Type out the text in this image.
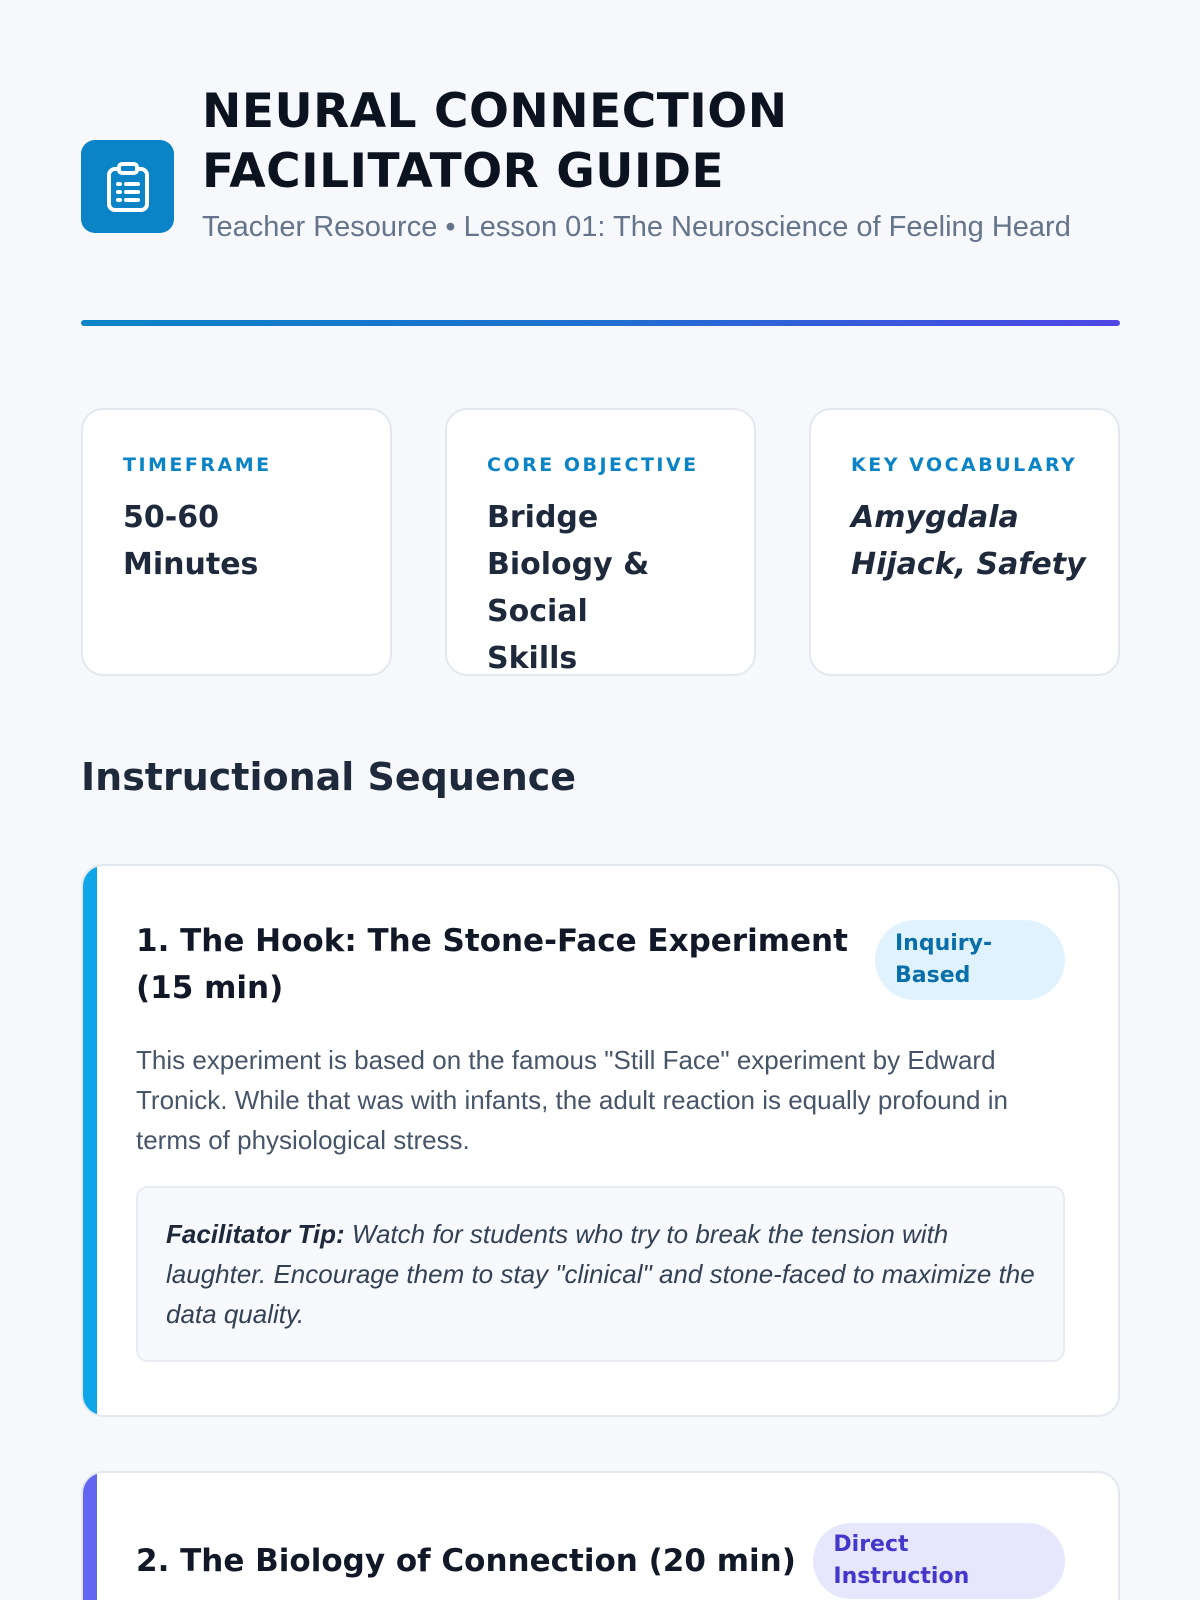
NEURAL CONNECTION
FACILITATOR GUIDE
Teacher Resource • Lesson 01: The Neuroscience of Feeling Heard
TIMEFRAME
50-60 Minutes
CORE OBJECTIVE
Bridge Biology & Social Skills
KEY VOCABULARY
Amygdala Hijack, Safety
Instructional Sequence
1. The Hook: The Stone-Face Experiment (15 min)
Inquiry-Based
This experiment is based on the famous "Still Face" experiment by Edward Tronick. While that was with infants, the adult reaction is equally profound in terms of physiological stress.
Facilitator Tip: Watch for students who try to break the tension with laughter. Encourage them to stay "clinical" and stone-faced to maximize the data quality.
2. The Biology of Connection (20 min)	Direct Instruction
